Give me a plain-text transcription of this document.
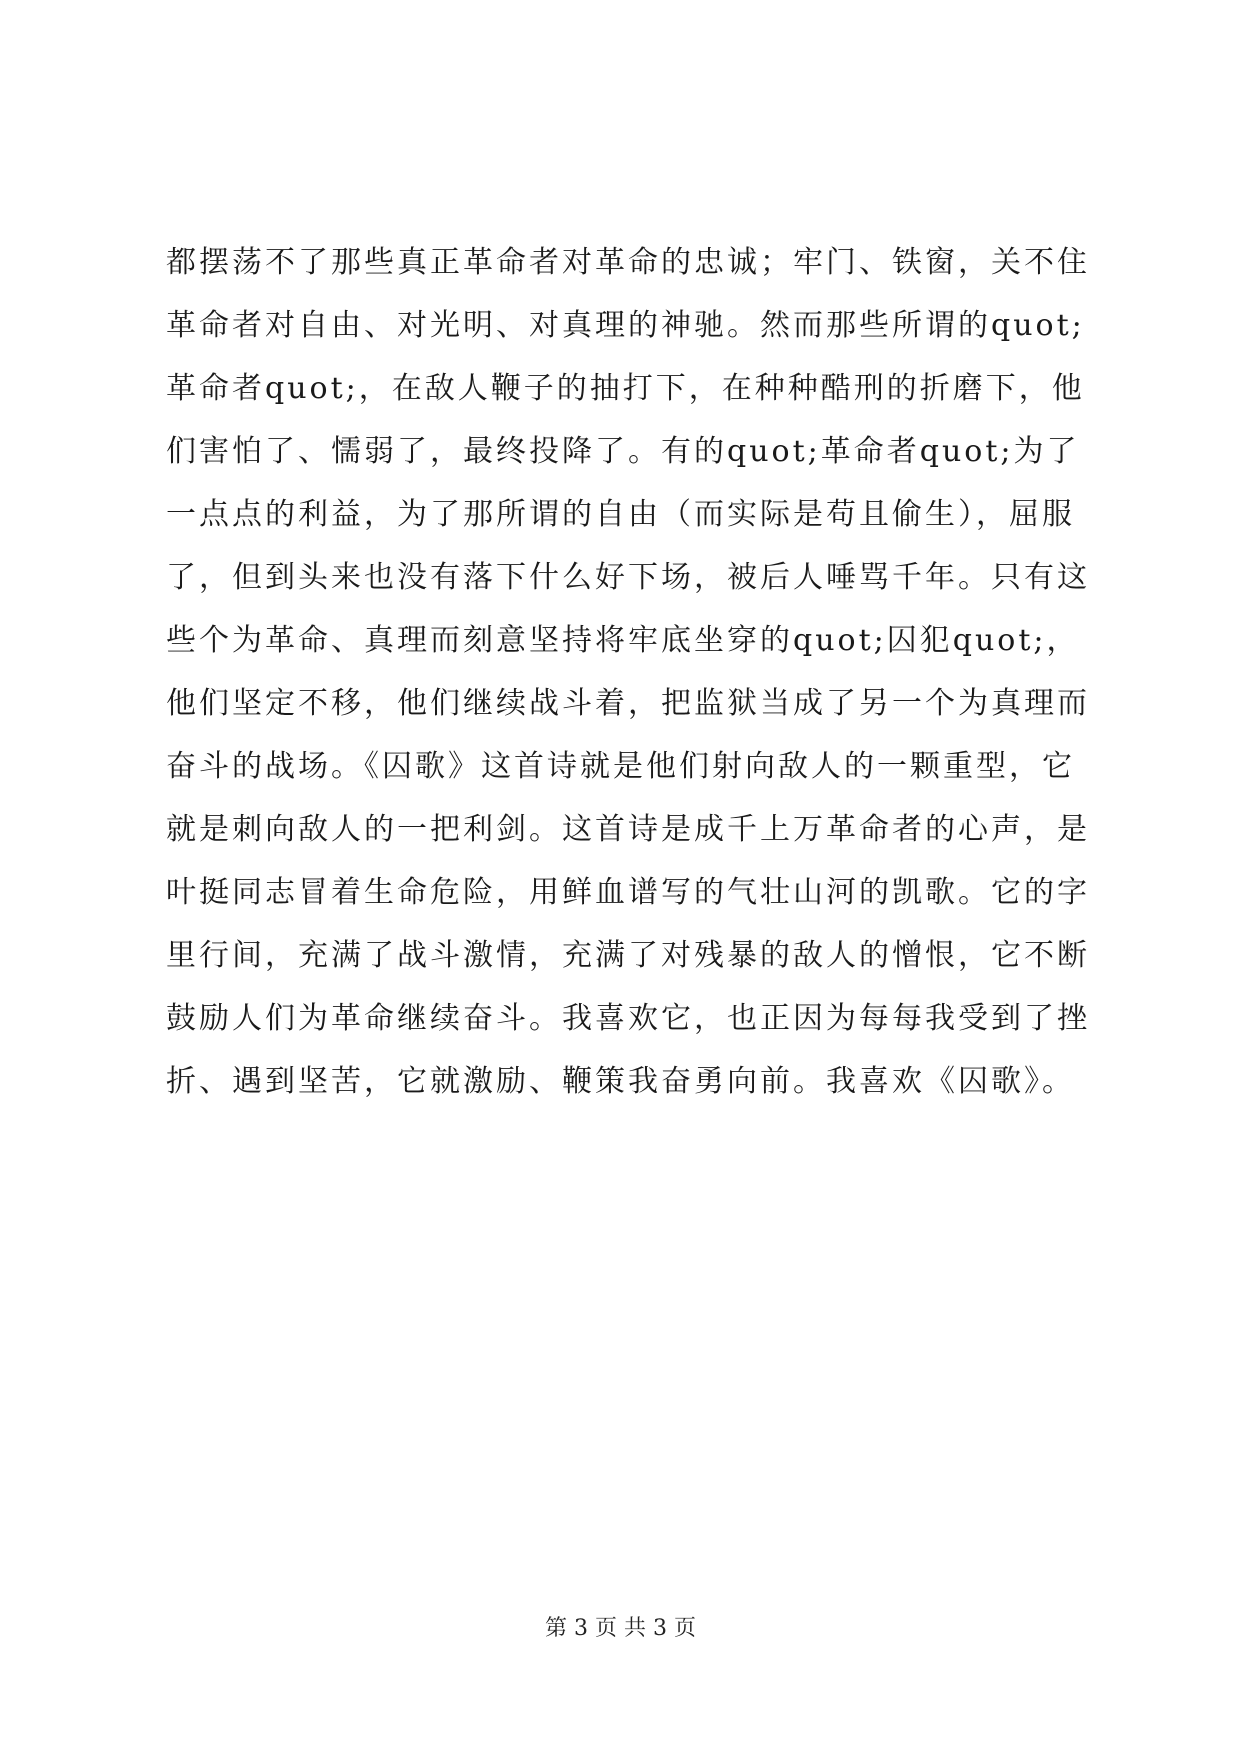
都摆荡不了那些真正革命者对革命的忠诚；牢门、铁窗，关不住
革命者对自由、对光明、对真理的神驰。然而那些所谓的quot;
革命者quot;，在敌人鞭子的抽打下，在种种酷刑的折磨下，他
们害怕了、懦弱了，最终投降了。有的quot;革命者quot;为了
一点点的利益，为了那所谓的自由（而实际是苟且偷生），屈服
了，但到头来也没有落下什么好下场，被后人唾骂千年。只有这
些个为革命、真理而刻意坚持将牢底坐穿的quot;囚犯quot;，
他们坚定不移，他们继续战斗着，把监狱当成了另一个为真理而
奋斗的战场。《囚歌》这首诗就是他们射向敌人的一颗重型，它
就是刺向敌人的一把利剑。这首诗是成千上万革命者的心声，是
叶挺同志冒着生命危险，用鲜血谱写的气壮山河的凯歌。它的字
里行间，充满了战斗激情，充满了对残暴的敌人的憎恨，它不断
鼓励人们为革命继续奋斗。我喜欢它，也正因为每每我受到了挫
折、遇到坚苦，它就激励、鞭策我奋勇向前。我喜欢《囚歌》。
第 3 页 共 3 页
